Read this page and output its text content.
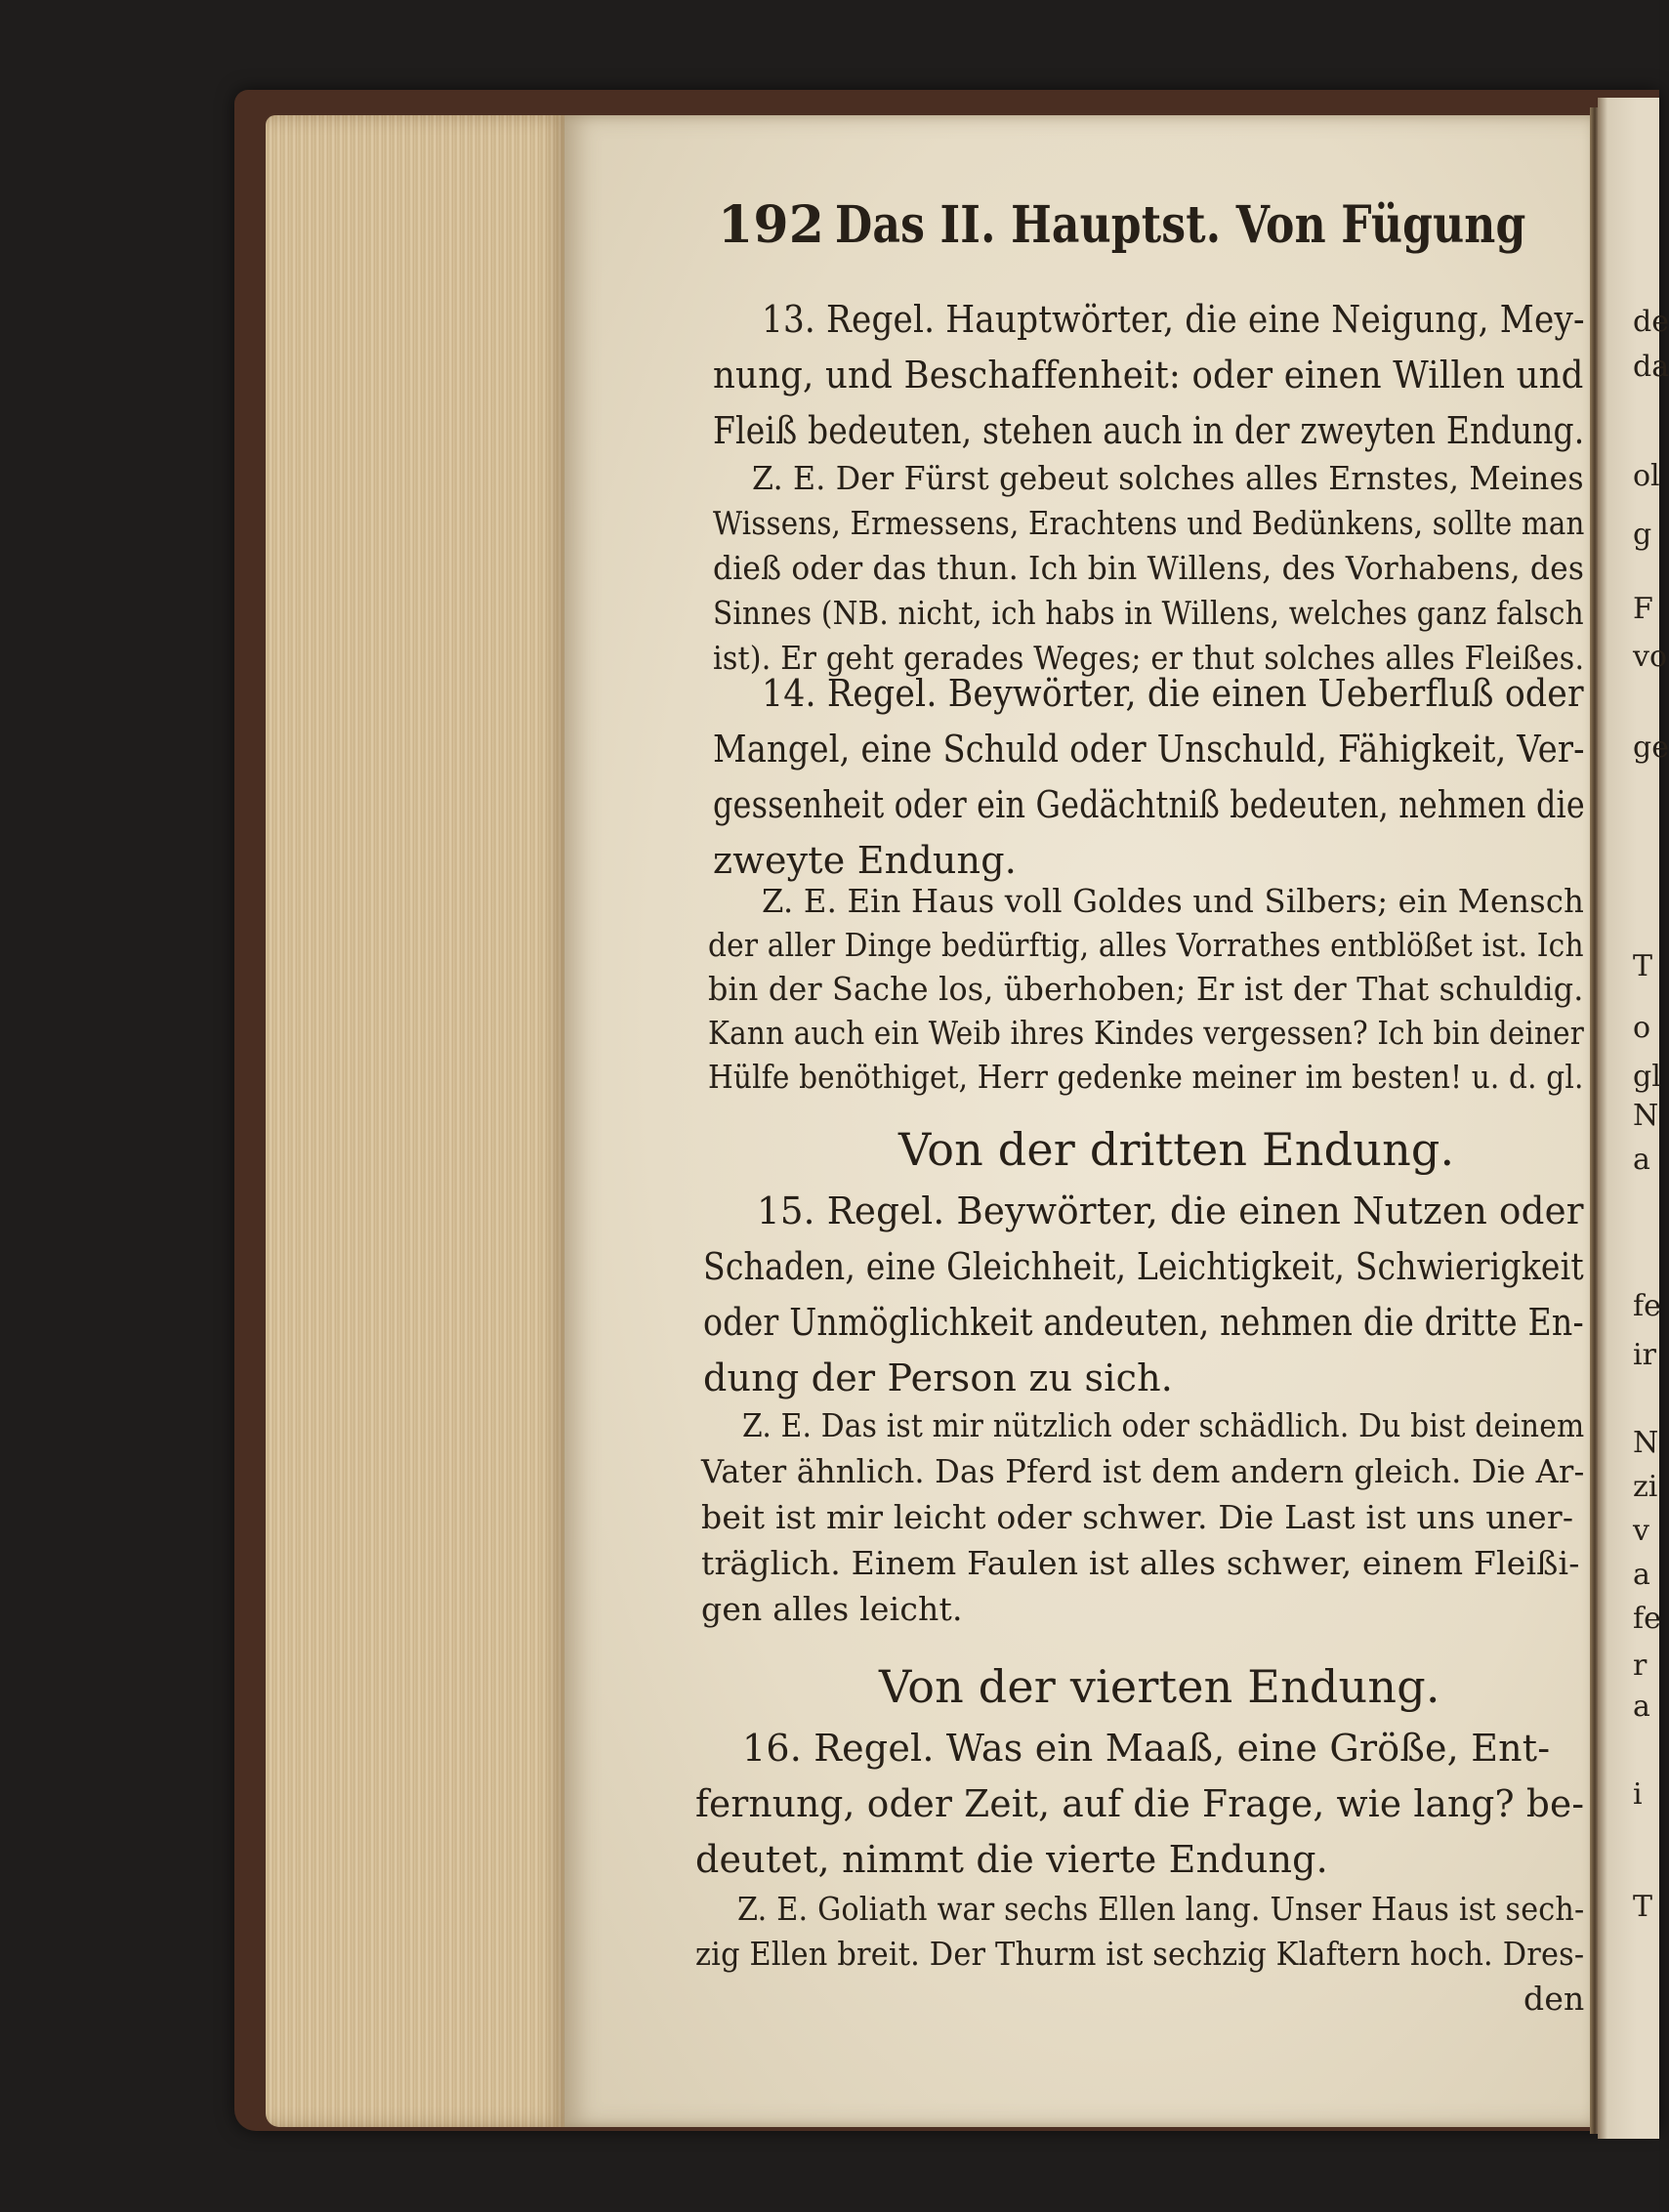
192 Das II. Hauptst. Von Fügung
13. Regel. Hauptwörter, die eine Neigung, Mey-
nung, und Beschaffenheit: oder einen Willen und
Fleiß bedeuten, stehen auch in der zweyten Endung.
Z. E. Der Fürst gebeut solches alles Ernstes, Meines
Wissens, Ermessens, Erachtens und Bedünkens, sollte man
dieß oder das thun. Ich bin Willens, des Vorhabens, des
Sinnes (NB. nicht, ich habs in Willens, welches ganz falsch
ist). Er geht gerades Weges; er thut solches alles Fleißes.
14. Regel. Beywörter, die einen Ueberfluß oder
Mangel, eine Schuld oder Unschuld, Fähigkeit, Ver-
gessenheit oder ein Gedächtniß bedeuten, nehmen die
zweyte Endung.
Z. E. Ein Haus voll Goldes und Silbers; ein Mensch
der aller Dinge bedürftig, alles Vorrathes entblößet ist. Ich
bin der Sache los, überhoben; Er ist der That schuldig.
Kann auch ein Weib ihres Kindes vergessen? Ich bin deiner
Hülfe benöthiget, Herr gedenke meiner im besten! u. d. gl.
Von der dritten Endung.
15. Regel. Beywörter, die einen Nutzen oder
Schaden, eine Gleichheit, Leichtigkeit, Schwierigkeit
oder Unmöglichkeit andeuten, nehmen die dritte En-
dung der Person zu sich.
Z. E. Das ist mir nützlich oder schädlich. Du bist deinem
Vater ähnlich. Das Pferd ist dem andern gleich. Die Ar-
beit ist mir leicht oder schwer. Die Last ist uns uner-
träglich. Einem Faulen ist alles schwer, einem Fleißi-
gen alles leicht.
Von der vierten Endung.
16. Regel. Was ein Maaß, eine Größe, Ent-
fernung, oder Zeit, auf die Frage, wie lang? be-
deutet, nimmt die vierte Endung.
Z. E. Goliath war sechs Ellen lang. Unser Haus ist sech-
zig Ellen breit. Der Thurm ist sechzig Klaftern hoch. Dres-
den
de
da
ol
g
F
vo
ge
T
o
gl
N
a
fe
ir
N
zi
v
a
fe
r
a
i
T
